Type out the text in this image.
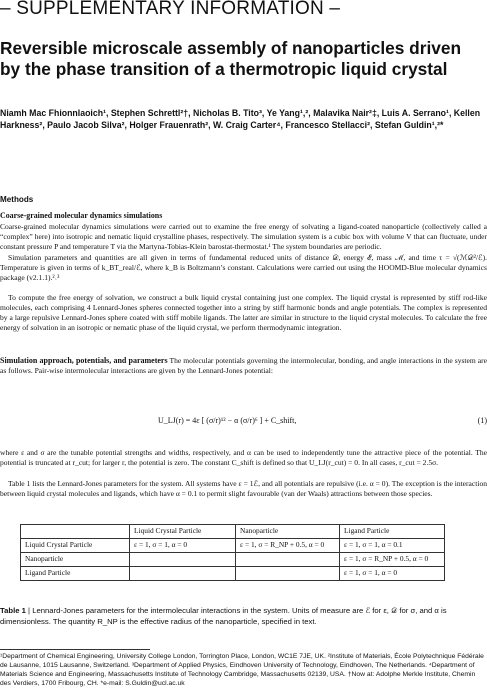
– SUPPLEMENTARY INFORMATION –
Reversible microscale assembly of nanoparticles driven by the phase transition of a thermotropic liquid crystal
Niamh Mac Fhionnlaoich¹, Stephen Schrettl²†, Nicholas B. Tito³, Ye Yang¹,², Malavika Nair²‡, Luis A. Serrano¹, Kellen Harkness², Paulo Jacob Silva², Holger Frauenrath², W. Craig Carter⁴, Francesco Stellacci², Stefan Guldin¹,²*
Methods
Coarse-grained molecular dynamics simulations
Coarse-grained molecular dynamics simulations were carried out to examine the free energy of solvating a ligand-coated nanoparticle (collectively called a “complex” here) into isotropic and nematic liquid crystalline phases, respectively. The simulation system is a cubic box with volume V that can fluctuate, under constant pressure P and temperature T via the Martyna-Tobias-Klein barostat-thermostat.¹ The system boundaries are periodic.
Simulation parameters and quantities are all given in terms of fundamental reduced units of distance 𝒟, energy ℰ, mass ℳ, and time τ = √(ℳ𝒟²/ℰ). Temperature is given in terms of k_BT_real/ℰ, where k_B is Boltzmann’s constant. Calculations were carried out using the HOOMD-Blue molecular dynamics package (v2.1.1).²˒³
To compute the free energy of solvation, we construct a bulk liquid crystal containing just one complex. The liquid crystal is represented by stiff rod-like molecules, each comprising 4 Lennard-Jones spheres connected together into a string by stiff harmonic bonds and angle potentials. The complex is represented by a large repulsive Lennard-Jones sphere coated with stiff mobile ligands. The latter are similar in structure to the liquid crystal molecules. To calculate the free energy of solvation in an isotropic or nematic phase of the liquid crystal, we perform thermodynamic integration.
Simulation approach, potentials, and parameters The molecular potentials governing the intermolecular, bonding, and angle interactions in the system are as follows. Pair-wise intermolecular interactions are given by the Lennard-Jones potential:
U_LJ(r) = 4ε [ (σ/r)¹² − α (σ/r)⁶ ] + C_shift,	(1)
where ε and σ are the tunable potential strengths and widths, respectively, and α can be used to independently tune the attractive piece of the potential. The potential is truncated at r_cut; for larger r, the potential is zero. The constant C_shift is defined so that U_LJ(r_cut) = 0. In all cases, r_cut = 2.5σ.
Table 1 lists the Lennard-Jones parameters for the system. All systems have ε = 1ℰ, and all potentials are repulsive (i.e. α = 0). The exception is the interaction between liquid crystal molecules and ligands, which have α = 0.1 to permit slight favourable (van der Waals) attractions between those species.
	Liquid Crystal Particle	Nanoparticle	Ligand Particle
Liquid Crystal Particle	ε = 1, σ = 1, α = 0	ε = 1, σ = R_NP + 0.5, α = 0	ε = 1, σ = 1, α = 0.1
Nanoparticle			ε = 1, σ = R_NP + 0.5, α = 0
Ligand Particle			ε = 1, σ = 1, α = 0
Table 1 | Lennard-Jones parameters for the intermolecular interactions in the system. Units of measure are ℰ for ε, 𝒟 for σ, and α is dimensionless. The quantity R_NP is the effective radius of the nanoparticle, specified in text.
¹Department of Chemical Engineering, University College London, Torrington Place, London, WC1E 7JE, UK. ²Institute of Materials, École Polytechnique Fédérale de Lausanne, 1015 Lausanne, Switzerland. ³Department of Applied Physics, Eindhoven University of Technology, Eindhoven, The Netherlands. ⁴Department of Materials Science and Engineering, Massachusetts Institute of Technology Cambridge, Massachusetts 02139, USA. †Now at: Adolphe Merkle Institute, Chemin des Verdiers, 1700 Fribourg, CH. *e-mail: S.Guldin@ucl.ac.uk
